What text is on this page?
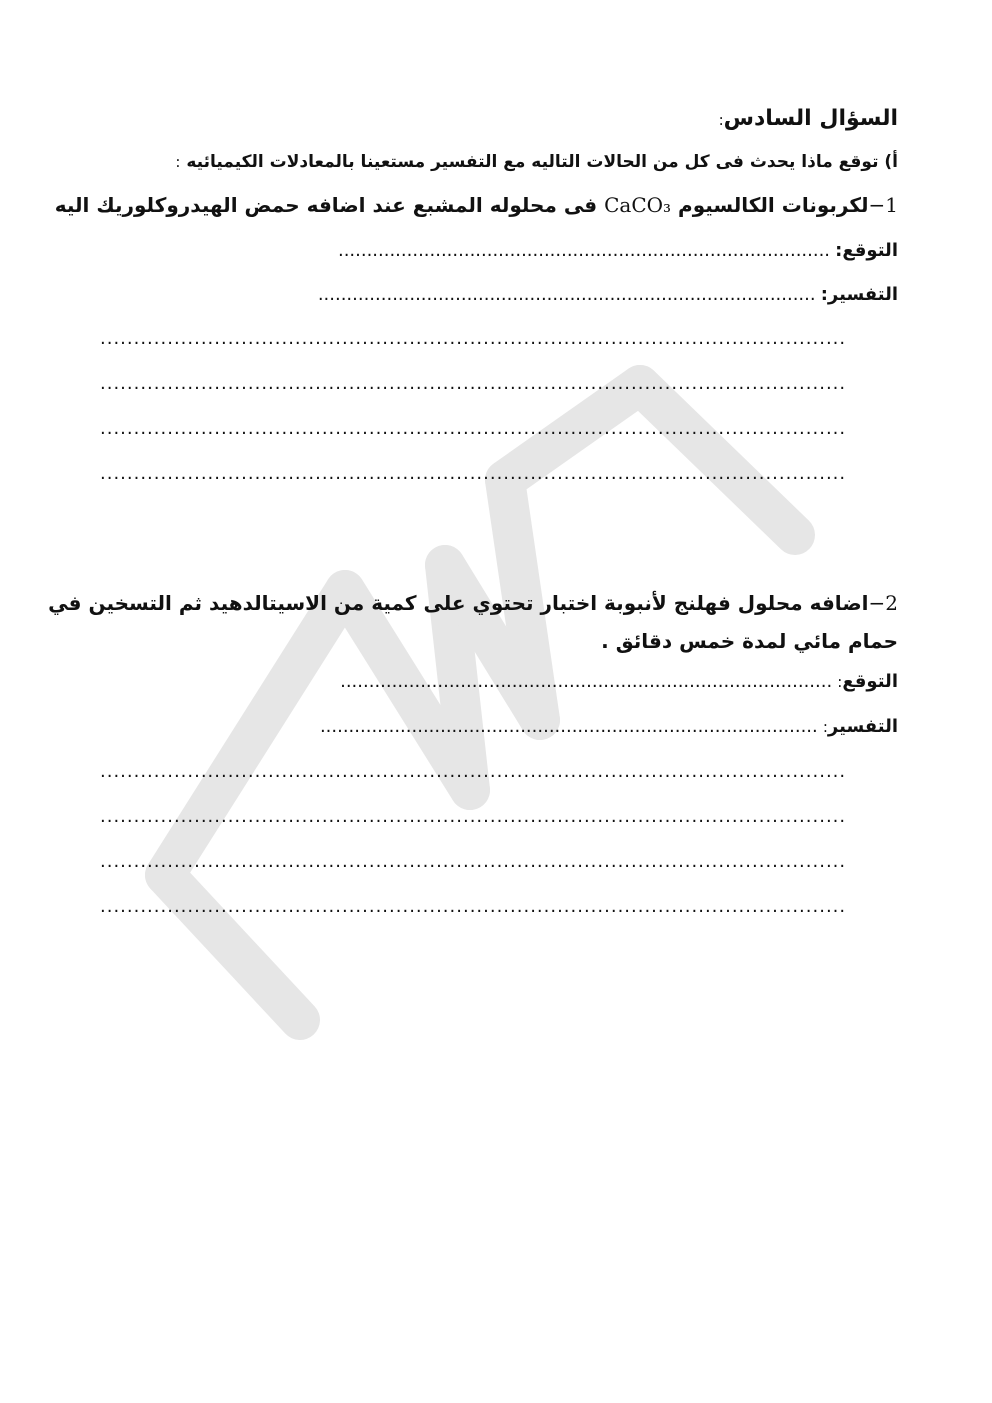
السؤال السادس:
أ) توقع ماذا يحدث فى كل من الحالات التاليه مع التفسير مستعينا بالمعادلات الكيميائيه :
1−لكربونات الكالسيوم CaCO₃ فى محلوله المشبع عند اضافه حمض الهيدروكلوريك اليه
التوقع: ......................................................................................
التفسير: .......................................................................................
...............................................................................................................
...............................................................................................................
...............................................................................................................
...............................................................................................................
2−اضافه محلول فهلنج لأنبوبة اختبار تحتوي على كمية من الاسيتالدهيد ثم التسخين في
حمام مائي لمدة خمس دقائق .
التوقع: ......................................................................................
التفسير: .......................................................................................
...............................................................................................................
...............................................................................................................
...............................................................................................................
...............................................................................................................
